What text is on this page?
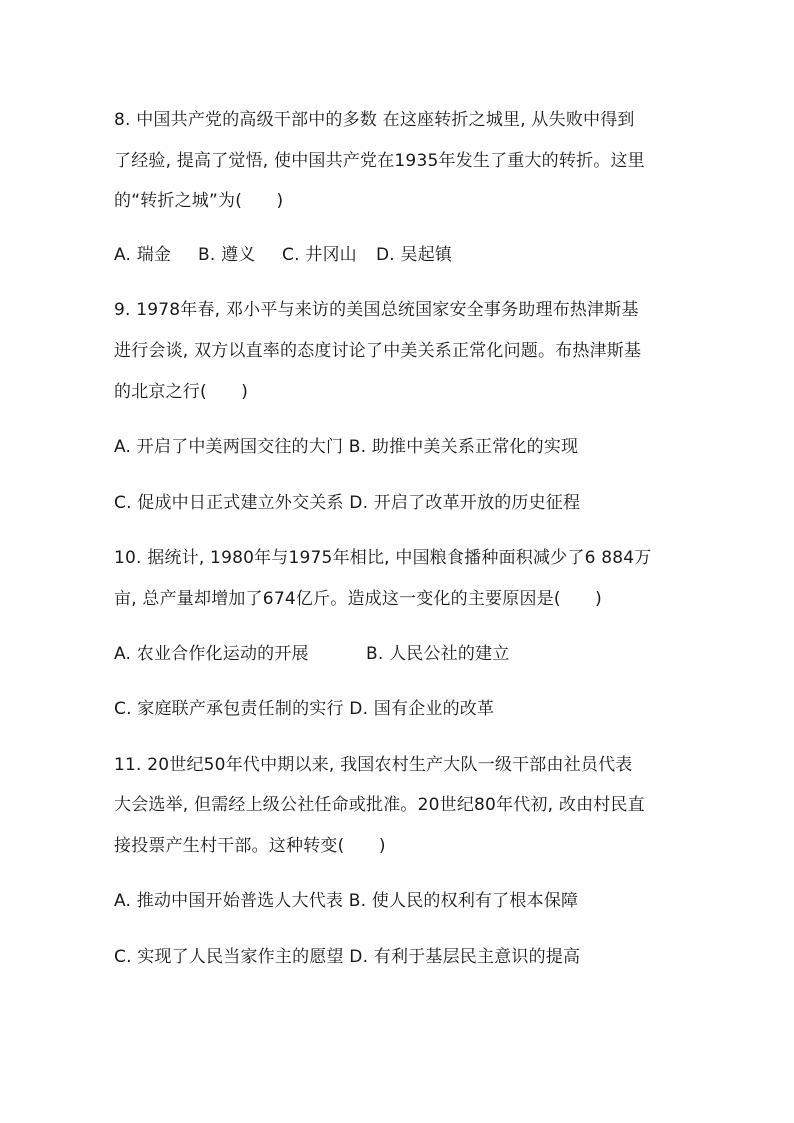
8. 中国共产党的高级干部中的多数 在这座转折之城里, 从失败中得到
了经验, 提高了觉悟, 使中国共产党在1935年发生了重大的转折。这里
的“转折之城”为(　　)
A. 瑞金 B. 遵义 C. 井冈山 D. 吴起镇
9. 1978年春, 邓小平与来访的美国总统国家安全事务助理布热津斯基
进行会谈, 双方以直率的态度讨论了中美关系正常化问题。布热津斯基
的北京之行(　　)
A. 开启了中美两国交往的大门 B. 助推中美关系正常化的实现
C. 促成中日正式建立外交关系 D. 开启了改革开放的历史征程
10. 据统计, 1980年与1975年相比, 中国粮食播种面积减少了6 884万
亩, 总产量却增加了674亿斤。造成这一变化的主要原因是(　　)
A. 农业合作化运动的开展	B. 人民公社的建立
C. 家庭联产承包责任制的实行 D. 国有企业的改革
11. 20世纪50年代中期以来, 我国农村生产大队一级干部由社员代表
大会选举, 但需经上级公社任命或批准。20世纪80年代初, 改由村民直
接投票产生村干部。这种转变(　　)
A. 推动中国开始普选人大代表 B. 使人民的权利有了根本保障
C. 实现了人民当家作主的愿望 D. 有利于基层民主意识的提高
